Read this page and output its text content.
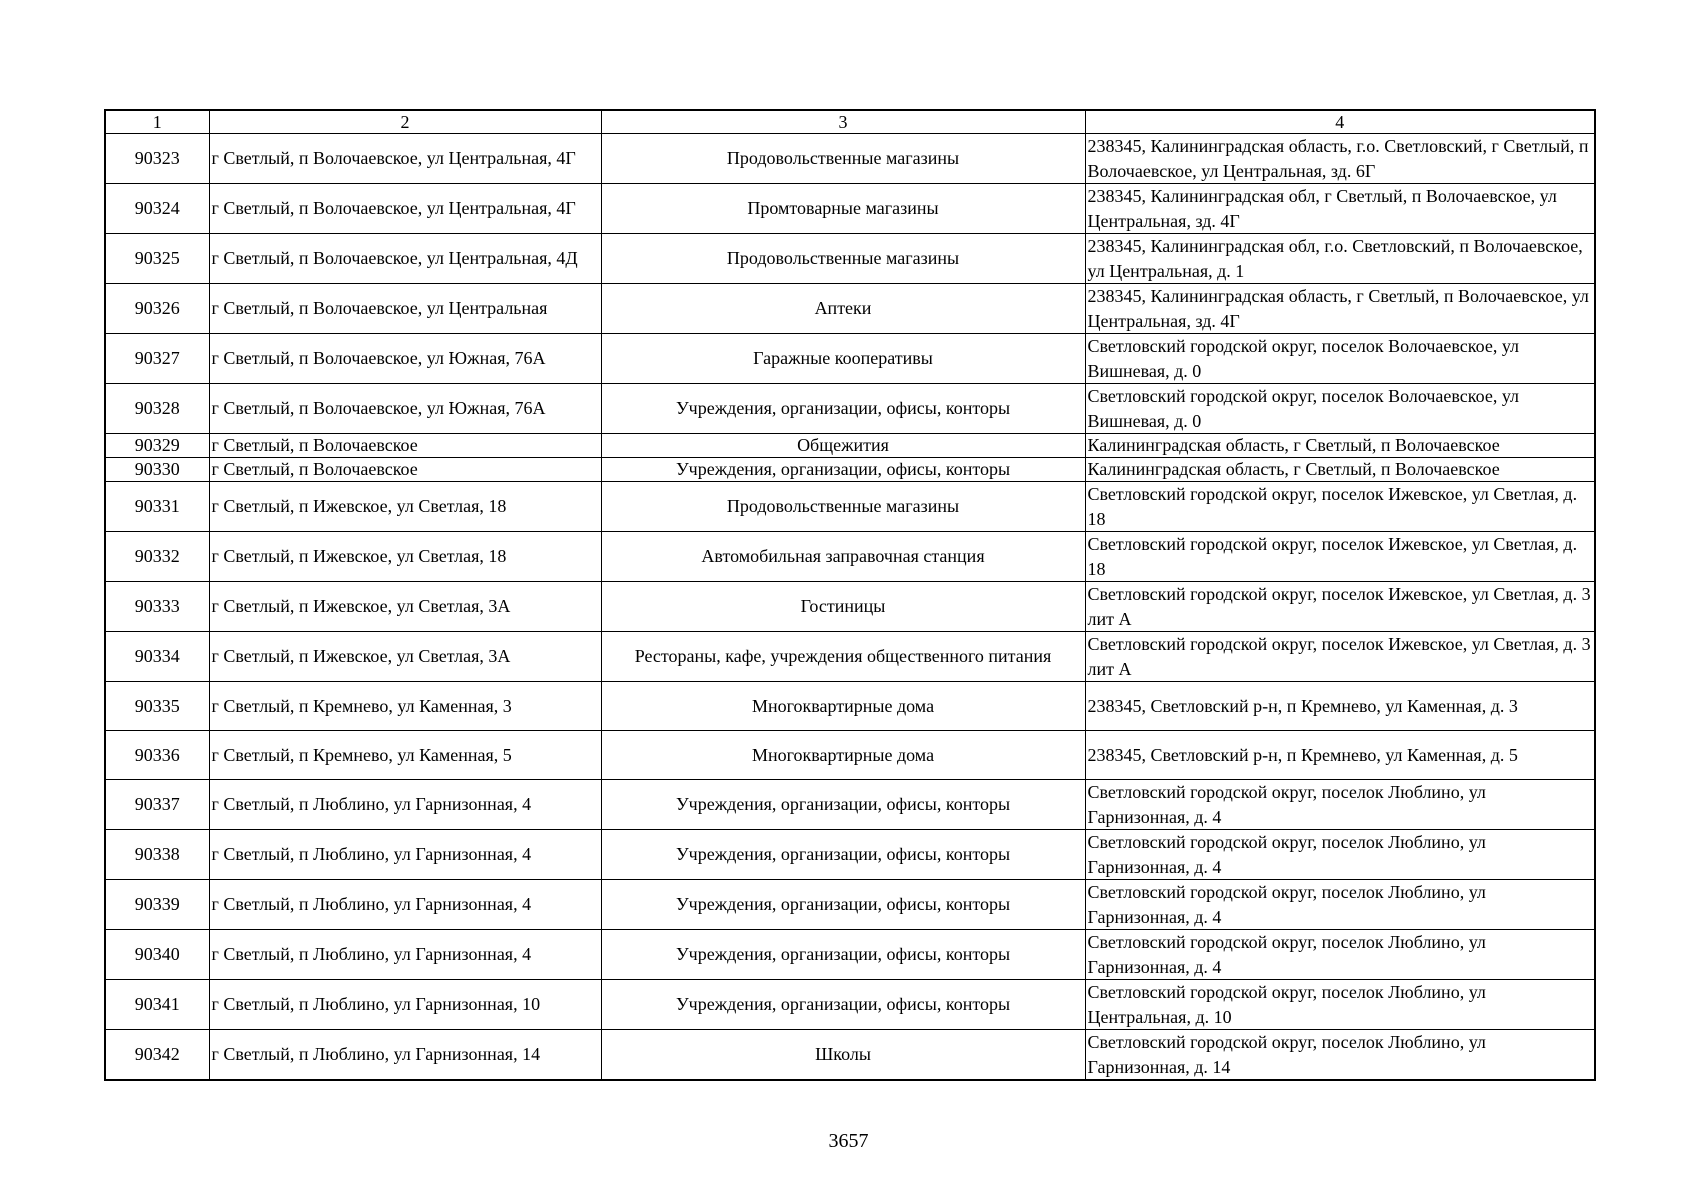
1	2	3	4
90323	г Светлый, п Волочаевское, ул Центральная, 4Г	Продовольственные магазины	238345, Калининградская область, г.о. Светловский, г Светлый, п Волочаевское, ул Центральная, зд. 6Г
90324	г Светлый, п Волочаевское, ул Центральная, 4Г	Промтоварные магазины	238345, Калининградская обл, г Светлый, п Волочаевское, ул Центральная, зд. 4Г
90325	г Светлый, п Волочаевское, ул Центральная, 4Д	Продовольственные магазины	238345, Калининградская обл, г.о. Светловский, п Волочаевское, ул Центральная, д. 1
90326	г Светлый, п Волочаевское, ул Центральная	Аптеки	238345, Калининградская область, г Светлый, п Волочаевское, ул Центральная, зд. 4Г
90327	г Светлый, п Волочаевское, ул Южная, 76А	Гаражные кооперативы	Светловский городской округ, поселок Волочаевское, ул Вишневая, д. 0
90328	г Светлый, п Волочаевское, ул Южная, 76А	Учреждения, организации, офисы, конторы	Светловский городской округ, поселок Волочаевское, ул Вишневая, д. 0
90329	г Светлый, п Волочаевское	Общежития	Калининградская область, г Светлый, п Волочаевское
90330	г Светлый, п Волочаевское	Учреждения, организации, офисы, конторы	Калининградская область, г Светлый, п Волочаевское
90331	г Светлый, п Ижевское, ул Светлая, 18	Продовольственные магазины	Светловский городской округ, поселок Ижевское, ул Светлая, д. 18
90332	г Светлый, п Ижевское, ул Светлая, 18	Автомобильная заправочная станция	Светловский городской округ, поселок Ижевское, ул Светлая, д. 18
90333	г Светлый, п Ижевское, ул Светлая, 3А	Гостиницы	Светловский городской округ, поселок Ижевское, ул Светлая, д. 3 лит А
90334	г Светлый, п Ижевское, ул Светлая, 3А	Рестораны, кафе, учреждения общественного питания	Светловский городской округ, поселок Ижевское, ул Светлая, д. 3 лит А
90335	г Светлый, п Кремнево, ул Каменная, 3	Многоквартирные дома	238345, Светловский р-н, п Кремнево, ул Каменная, д. 3
90336	г Светлый, п Кремнево, ул Каменная, 5	Многоквартирные дома	238345, Светловский р-н, п Кремнево, ул Каменная, д. 5
90337	г Светлый, п Люблино, ул Гарнизонная, 4	Учреждения, организации, офисы, конторы	Светловский городской округ, поселок Люблино, ул Гарнизонная, д. 4
90338	г Светлый, п Люблино, ул Гарнизонная, 4	Учреждения, организации, офисы, конторы	Светловский городской округ, поселок Люблино, ул Гарнизонная, д. 4
90339	г Светлый, п Люблино, ул Гарнизонная, 4	Учреждения, организации, офисы, конторы	Светловский городской округ, поселок Люблино, ул Гарнизонная, д. 4
90340	г Светлый, п Люблино, ул Гарнизонная, 4	Учреждения, организации, офисы, конторы	Светловский городской округ, поселок Люблино, ул Гарнизонная, д. 4
90341	г Светлый, п Люблино, ул Гарнизонная, 10	Учреждения, организации, офисы, конторы	Светловский городской округ, поселок Люблино, ул Центральная, д. 10
90342	г Светлый, п Люблино, ул Гарнизонная, 14	Школы	Светловский городской округ, поселок Люблино, ул Гарнизонная, д. 14
3657
